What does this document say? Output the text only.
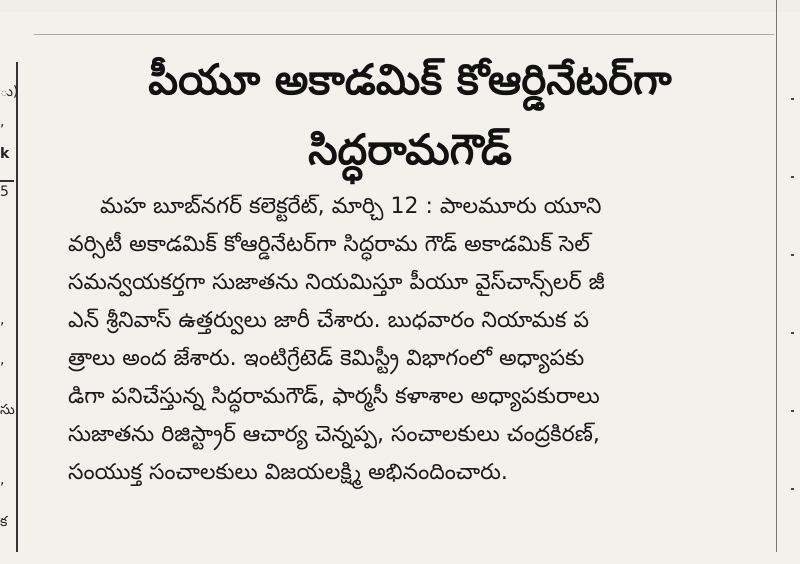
ు)
,
k
5
,
,
సు
,
క
పీయూ అకాడమిక్ కోఆర్డినేటర్‌గా
సిద్ధరామగౌడ్
మహ బూబ్‌నగర్ కలెక్టరేట్, మార్చి 12 : పాలమూరు యూని
వర్సిటీ అకాడమిక్ కోఆర్డినేటర్‌గా సిద్ధరామ గౌడ్ అకాడమిక్ సెల్
సమన్వయకర్తగా సుజాతను నియమిస్తూ పీయూ వైస్‌చాన్స్‌లర్ జీ
ఎన్ శ్రీనివాస్ ఉత్తర్వులు జారీ చేశారు. బుధవారం నియామక ప
త్రాలు అంద జేశారు. ఇంటిగ్రేటెడ్ కెమిస్ట్రీ విభాగంలో అధ్యాపకు
డిగా పనిచేస్తున్న సిద్ధరామగౌడ్, ఫార్మసీ కళాశాల అధ్యాపకురాలు
సుజాతను రిజిస్ట్రార్ ఆచార్య చెన్నప్ప, సంచాలకులు చంద్రకిరణ్,
సంయుక్త సంచాలకులు విజయలక్ష్మి అభినందించారు.
